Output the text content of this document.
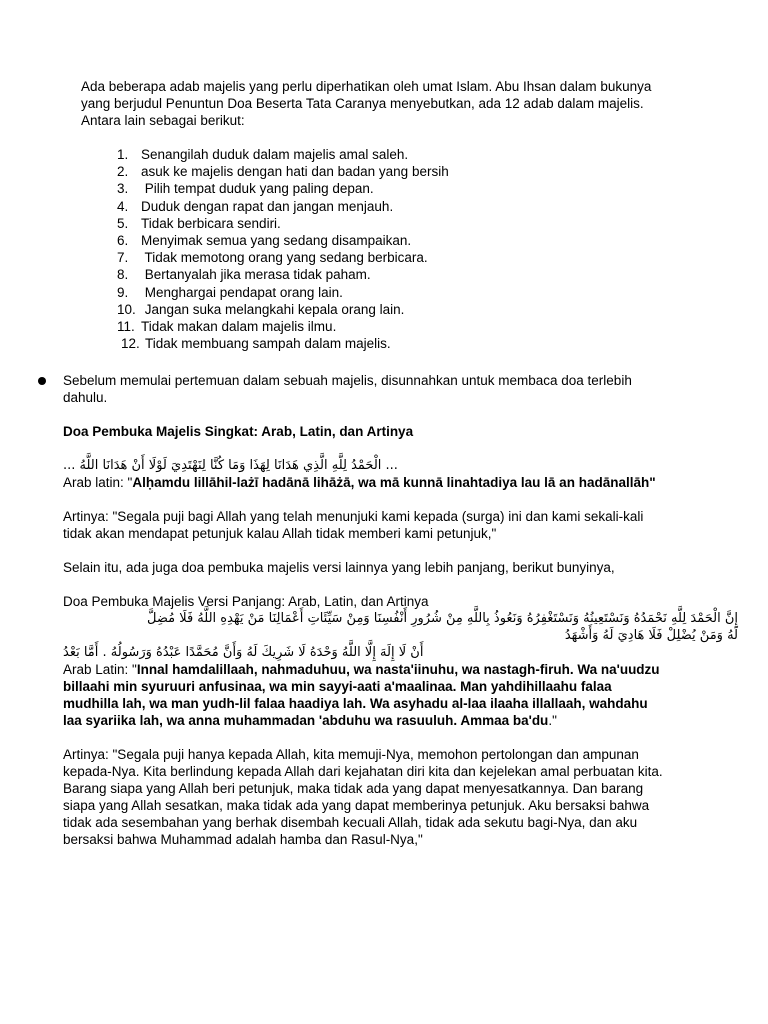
Ada beberapa adab majelis yang perlu diperhatikan oleh umat Islam. Abu Ihsan dalam bukunya

yang berjudul Penuntun Doa Beserta Tata Caranya menyebutkan, ada 12 adab dalam majelis.

Antara lain sebagai berikut:

1. Senangilah duduk dalam majelis amal saleh.
2. asuk ke majelis dengan hati dan badan yang bersih
3. Pilih tempat duduk yang paling depan.
4. Duduk dengan rapat dan jangan menjauh.
5. Tidak berbicara sendiri.
6. Menyimak semua yang sedang disampaikan.
7. Tidak memotong orang yang sedang berbicara.
8. Bertanyalah jika merasa tidak paham.
9. Menghargai pendapat orang lain.
10. Jangan suka melangkahi kepala orang lain.
11. Tidak makan dalam majelis ilmu.
12. Tidak membuang sampah dalam majelis.

Sebelum memulai pertemuan dalam sebuah majelis, disunnahkan untuk membaca doa terlebih

dahulu.

Doa Pembuka Majelis Singkat: Arab, Latin, dan Artinya

... الْحَمْدُ لِلَّهِ الَّذِي هَدَانَا لِهَذَا وَمَا كُنَّا لِنَهْتَدِيَ لَوْلَا أَنْ هَدَانَا اللَّهُ ...

Arab latin: "Alḥamdu lillāhil-lażī hadānā lihāżā, wa mā kunnā linahtadiya lau lā an hadānallāh"

Artinya: "Segala puji bagi Allah yang telah menunjuki kami kepada (surga) ini dan kami sekali-kali

tidak akan mendapat petunjuk kalau Allah tidak memberi kami petunjuk,"

Selain itu, ada juga doa pembuka majelis versi lainnya yang lebih panjang, berikut bunyinya,

Doa Pembuka Majelis Versi Panjang: Arab, Latin, dan Artinya

إِنَّ الْحَمْدَ لِلَّهِ نَحْمَدُهُ وَنَسْتَعِينُهُ وَنَسْتَغْفِرُهُ وَنَعُوذُ بِاللَّهِ مِنْ شُرُورِ أَنْفُسِنَا وَمِنْ سَيِّئَاتِ أَعْمَالِنَا مَنْ يَهْدِهِ اللَّهُ فَلَا مُضِلَّ

لَهُ وَمَنْ يُضْلِلْ فَلَا هَادِيَ لَهُ وَأَشْهَدُ

أَنْ لَا إِلَهَ إِلَّا اللَّهُ وَحْدَهُ لَا شَرِيكَ لَهُ وَأَنَّ مُحَمَّدًا عَبْدُهُ وَرَسُولُهُ . أَمَّا بَعْدُ

Arab Latin: "Innal hamdalillaah, nahmaduhuu, wa nasta'iinuhu, wa nastagh-firuh. Wa na'uudzu

billaahi min syuruuri anfusinaa, wa min sayyi-aati a'maalinaa. Man yahdihillaahu falaa

mudhilla lah, wa man yudh-lil falaa haadiya lah. Wa asyhadu al-laa ilaaha illallaah, wahdahu

laa syariika lah, wa anna muhammadan 'abduhu wa rasuuluh. Ammaa ba'du."

Artinya: "Segala puji hanya kepada Allah, kita memuji-Nya, memohon pertolongan dan ampunan

kepada-Nya. Kita berlindung kepada Allah dari kejahatan diri kita dan kejelekan amal perbuatan kita.

Barang siapa yang Allah beri petunjuk, maka tidak ada yang dapat menyesatkannya. Dan barang

siapa yang Allah sesatkan, maka tidak ada yang dapat memberinya petunjuk. Aku bersaksi bahwa

tidak ada sesembahan yang berhak disembah kecuali Allah, tidak ada sekutu bagi-Nya, dan aku

bersaksi bahwa Muhammad adalah hamba dan Rasul-Nya,"
